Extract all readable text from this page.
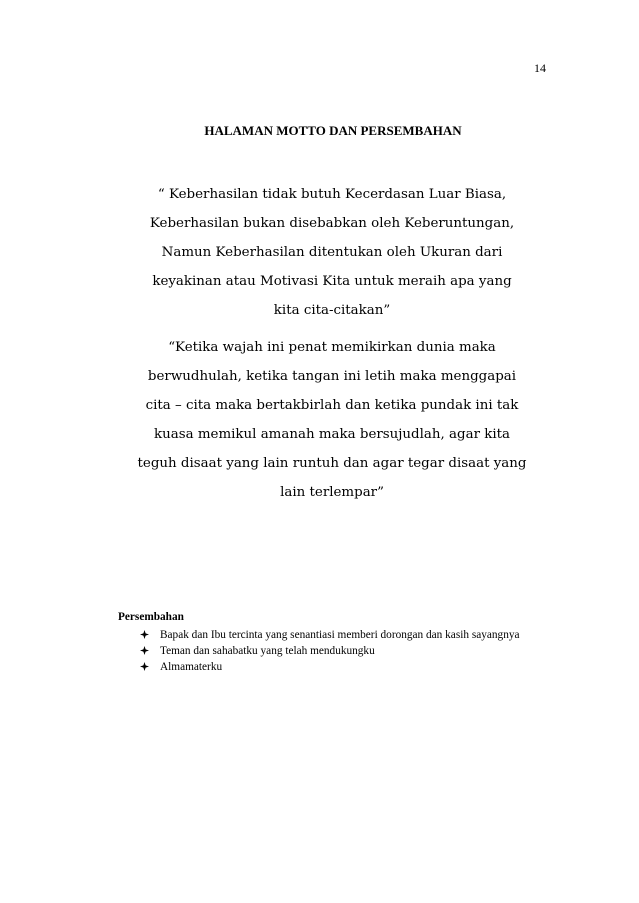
14
HALAMAN MOTTO DAN PERSEMBAHAN
“ Keberhasilan tidak butuh Kecerdasan Luar Biasa,
Keberhasilan bukan disebabkan oleh Keberuntungan,
Namun Keberhasilan ditentukan oleh Ukuran dari
keyakinan atau Motivasi Kita untuk meraih apa yang
kita cita-citakan”
“Ketika wajah ini penat memikirkan dunia maka
berwudhulah, ketika tangan ini letih maka menggapai
cita – cita maka bertakbirlah dan ketika pundak ini tak
kuasa memikul amanah maka bersujudlah, agar kita
teguh disaat yang lain runtuh dan agar tegar disaat yang
lain terlempar”
Persembahan
Bapak dan Ibu tercinta yang senantiasi memberi dorongan dan kasih sayangnya
Teman dan sahabatku yang telah mendukungku
Almamaterku
